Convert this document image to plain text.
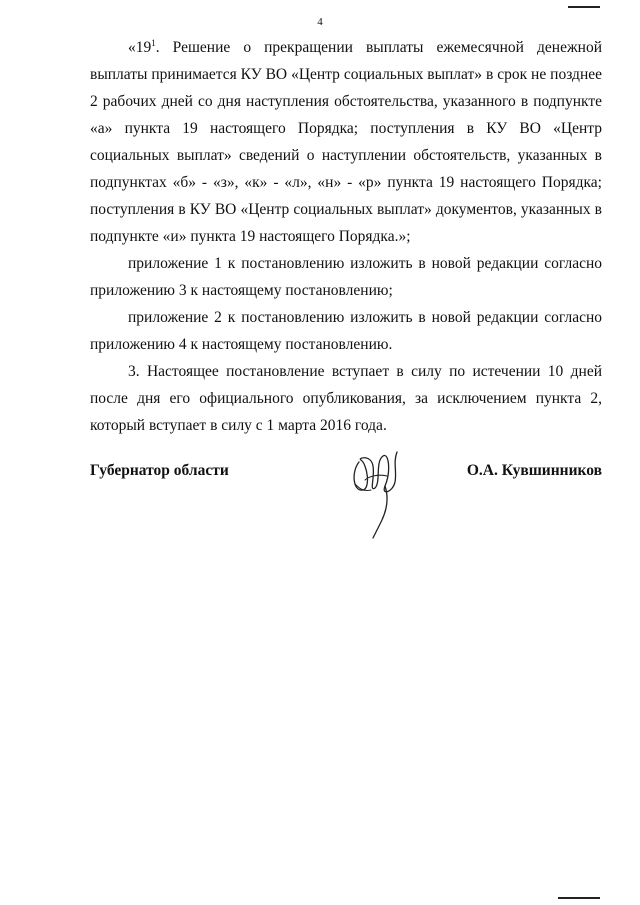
4

«$19^1$. Решение о прекращении выплаты ежемесячной денежной выплаты принимается КУ ВО «Центр социальных выплат» в срок не позднее 2 рабочих дней со дня наступления обстоятельства, указанного в подпункте «а» пункта 19 настоящего Порядка; поступления в КУ ВО «Центр социальных выплат» сведений о наступлении обстоятельств, указанных в подпунктах «б» - «з», «к» - «л», «н» - «р» пункта 19 настоящего Порядка; поступления в КУ ВО «Центр социальных выплат» документов, указанных в подпункте «и» пункта 19 настоящего Порядка.»;

приложение 1 к постановлению изложить в новой редакции согласно приложению 3 к настоящему постановлению;

приложение 2 к постановлению изложить в новой редакции согласно приложению 4 к настоящему постановлению.

3. Настоящее постановление вступает в силу по истечении 10 дней после дня его официального опубликования, за исключением пункта 2, который вступает в силу с 1 марта 2016 года.

Губернатор области	О.А. Кувшинников
